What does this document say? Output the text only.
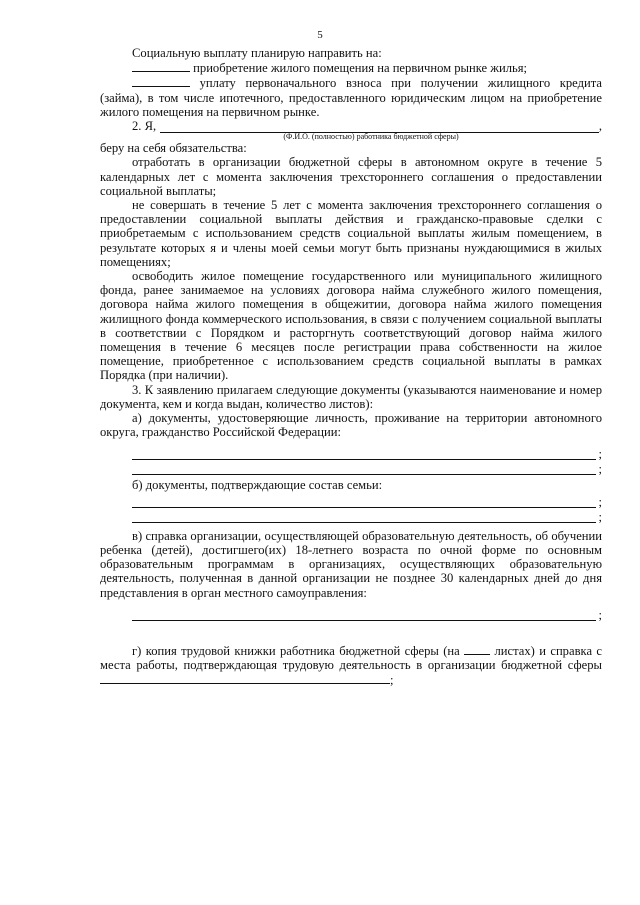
5

Социальную выплату планирую направить на:

приобретение жилого помещения на первичном рынке жилья;

уплату первоначального взноса при получении жилищного кредита (займа), в том числе ипотечного, предоставленного юридическим лицом на приобретение жилого помещения на первичном рынке.

2. Я,	,

(Ф.И.О. (полностью) работника бюджетной сферы)

беру на себя обязательства:

отработать в организации бюджетной сферы в автономном округе в течение 5 календарных лет с момента заключения трехстороннего соглашения о предоставлении социальной выплаты;

не совершать в течение 5 лет с момента заключения трехстороннего соглашения о предоставлении социальной выплаты действия и гражданско-правовые сделки с приобретаемым с использованием средств социальной выплаты жилым помещением, в результате которых я и члены моей семьи могут быть признаны нуждающимися в жилых помещениях;

освободить жилое помещение государственного или муниципального жилищного фонда, ранее занимаемое на условиях договора найма служебного жилого помещения, договора найма жилого помещения в общежитии, договора найма жилого помещения жилищного фонда коммерческого использования, в связи с получением социальной выплаты в соответствии с Порядком и расторгнуть соответствующий договор найма жилого помещения в течение 6 месяцев после регистрации права собственности на жилое помещение, приобретенное с использованием средств социальной выплаты в рамках Порядка (при наличии).

3. К заявлению прилагаем следующие документы (указываются наименование и номер документа, кем и когда выдан, количество листов):

а) документы, удостоверяющие личность, проживание на территории автономного округа, гражданство Российской Федерации:

;
;

б) документы, подтверждающие состав семьи:

;
;

в) справка организации, осуществляющей образовательную деятельность, об обучении ребенка (детей), достигшего(их) 18-летнего возраста по очной форме по основным образовательным программам в организациях, осуществляющих образовательную деятельность, полученная в данной организации не позднее 30 календарных дней до дня представления в орган местного самоуправления:

;

г) копия трудовой книжки работника бюджетной сферы (на	листах) и справка с места работы, подтверждающая трудовую деятельность в организации бюджетной сферы ;
